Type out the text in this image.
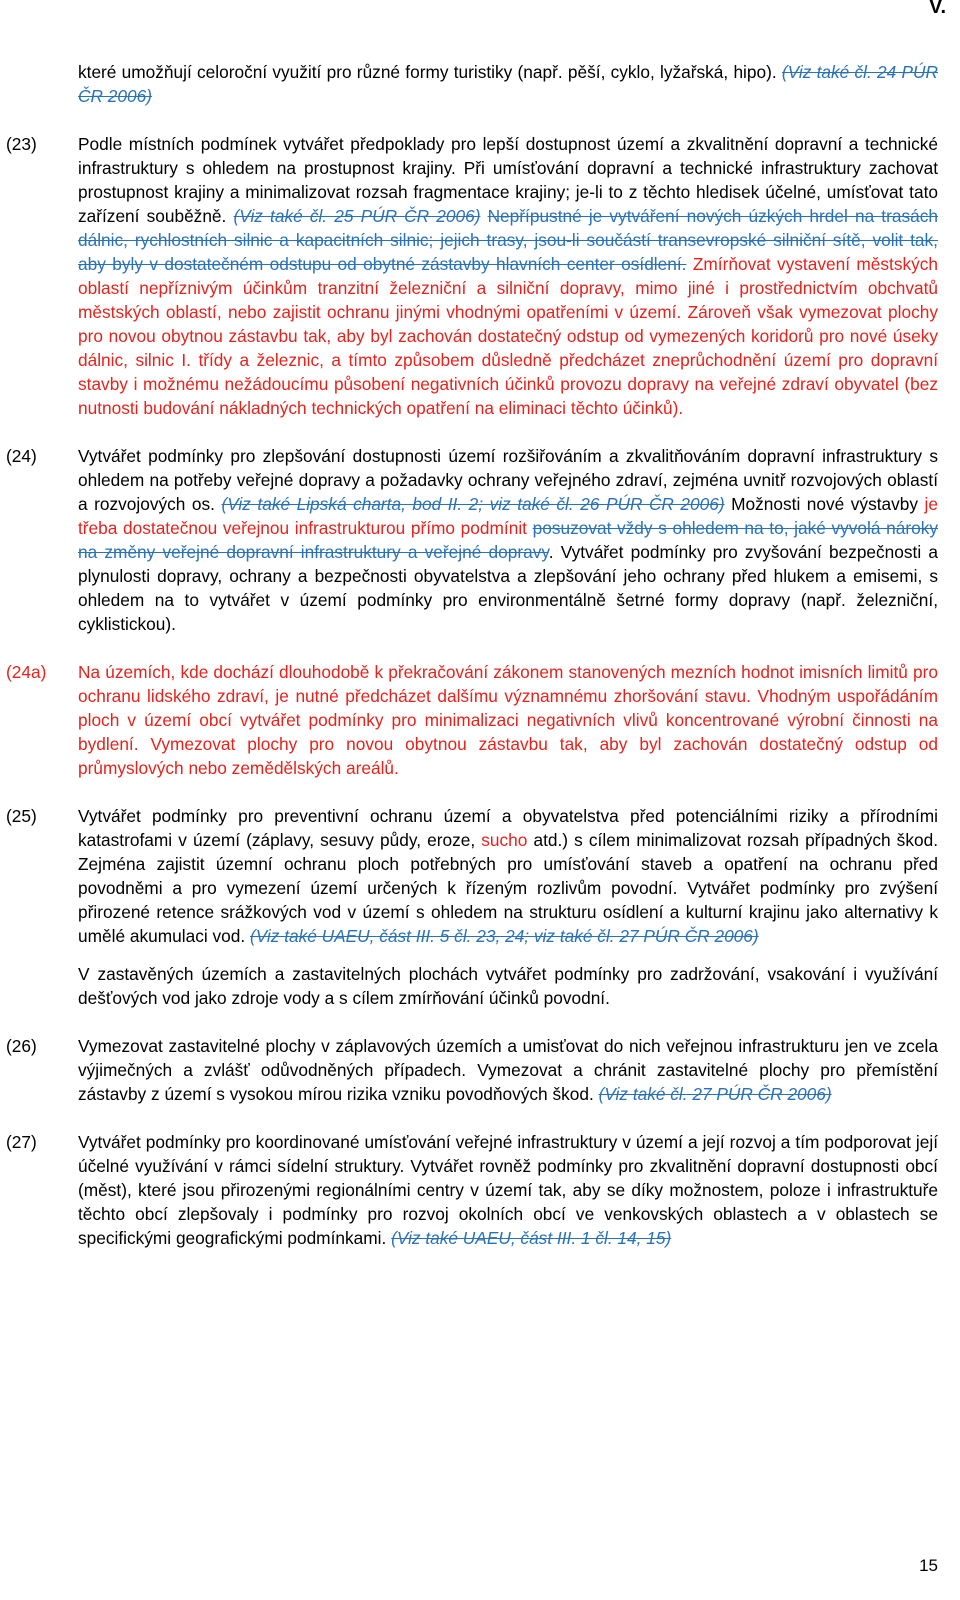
V.
které umožňují celoroční využití pro různé formy turistiky (např. pěší, cyklo, lyžařská, hipo). (Viz také čl. 24 PÚR ČR 2006)
(23)	Podle místních podmínek vytvářet předpoklady pro lepší dostupnost území a zkvalitnění dopravní a technické infrastruktury s ohledem na prostupnost krajiny. Při umísťování dopravní a technické infrastruktury zachovat prostupnost krajiny a minimalizovat rozsah fragmentace krajiny; je-li to z těchto hledisek účelné, umísťovat tato zařízení souběžně. (Viz také čl. 25 PÚR ČR 2006) Nepřípustné je vytváření nových úzkých hrdel na trasách dálnic, rychlostních silnic a kapacitních silnic; jejich trasy, jsou-li součástí transevropské silniční sítě, volit tak, aby byly v dostatečném odstupu od obytné zástavby hlavních center osídlení. Zmírňovat vystavení městských oblastí nepříznivým účinkům tranzitní železniční a silniční dopravy, mimo jiné i prostřednictvím obchvatů městských oblastí, nebo zajistit ochranu jinými vhodnými opatřeními v území. Zároveň však vymezovat plochy pro novou obytnou zástavbu tak, aby byl zachován dostatečný odstup od vymezených koridorů pro nové úseky dálnic, silnic I. třídy a železnic, a tímto způsobem důsledně předcházet zneprůchodnění území pro dopravní stavby i možnému nežádoucímu působení negativních účinků provozu dopravy na veřejné zdraví obyvatel (bez nutnosti budování nákladných technických opatření na eliminaci těchto účinků).
(24)	Vytvářet podmínky pro zlepšování dostupnosti území rozšiřováním a zkvalitňováním dopravní infrastruktury s ohledem na potřeby veřejné dopravy a požadavky ochrany veřejného zdraví, zejména uvnitř rozvojových oblastí a rozvojových os. (Viz také Lipská charta, bod II. 2; viz také čl. 26 PÚR ČR 2006) Možnosti nové výstavby je třeba dostatečnou veřejnou infrastrukturou přímo podmínit posuzovat vždy s ohledem na to, jaké vyvolá nároky na změny veřejné dopravní infrastruktury a veřejné dopravy. Vytvářet podmínky pro zvyšování bezpečnosti a plynulosti dopravy, ochrany a bezpečnosti obyvatelstva a zlepšování jeho ochrany před hlukem a emisemi, s ohledem na to vytvářet v území podmínky pro environmentálně šetrné formy dopravy (např. železniční, cyklistickou).
(24a)	Na územích, kde dochází dlouhodobě k překračování zákonem stanovených mezních hodnot imisních limitů pro ochranu lidského zdraví, je nutné předcházet dalšímu významnému zhoršování stavu. Vhodným uspořádáním ploch v území obcí vytvářet podmínky pro minimalizaci negativních vlivů koncentrované výrobní činnosti na bydlení. Vymezovat plochy pro novou obytnou zástavbu tak, aby byl zachován dostatečný odstup od průmyslových nebo zemědělských areálů.
(25)	Vytvářet podmínky pro preventivní ochranu území a obyvatelstva před potenciálními riziky a přírodními katastrofami v území (záplavy, sesuvy půdy, eroze, sucho atd.) s cílem minimalizovat rozsah případných škod. Zejména zajistit územní ochranu ploch potřebných pro umísťování staveb a opatření na ochranu před povodněmi a pro vymezení území určených k řízeným rozlivům povodní. Vytvářet podmínky pro zvýšení přirozené retence srážkových vod v území s ohledem na strukturu osídlení a kulturní krajinu jako alternativy k umělé akumulaci vod. (Viz také UAEU, část III. 5 čl. 23, 24; viz také čl. 27 PÚR ČR 2006)
V zastavěných územích a zastavitelných plochách vytvářet podmínky pro zadržování, vsakování i využívání dešťových vod jako zdroje vody a s cílem zmírňování účinků povodní.
(26)	Vymezovat zastavitelné plochy v záplavových územích a umisťovat do nich veřejnou infrastrukturu jen ve zcela výjimečných a zvlášť odůvodněných případech. Vymezovat a chránit zastavitelné plochy pro přemístění zástavby z území s vysokou mírou rizika vzniku povodňových škod. (Viz také čl. 27 PÚR ČR 2006)
(27)	Vytvářet podmínky pro koordinované umísťování veřejné infrastruktury v území a její rozvoj a tím podporovat její účelné využívání v rámci sídelní struktury. Vytvářet rovněž podmínky pro zkvalitnění dopravní dostupnosti obcí (měst), které jsou přirozenými regionálními centry v území tak, aby se díky možnostem, poloze i infrastruktuře těchto obcí zlepšovaly i podmínky pro rozvoj okolních obcí ve venkovských oblastech a v oblastech se specifickými geografickými podmínkami. (Viz také UAEU, část III. 1 čl. 14, 15)
15
